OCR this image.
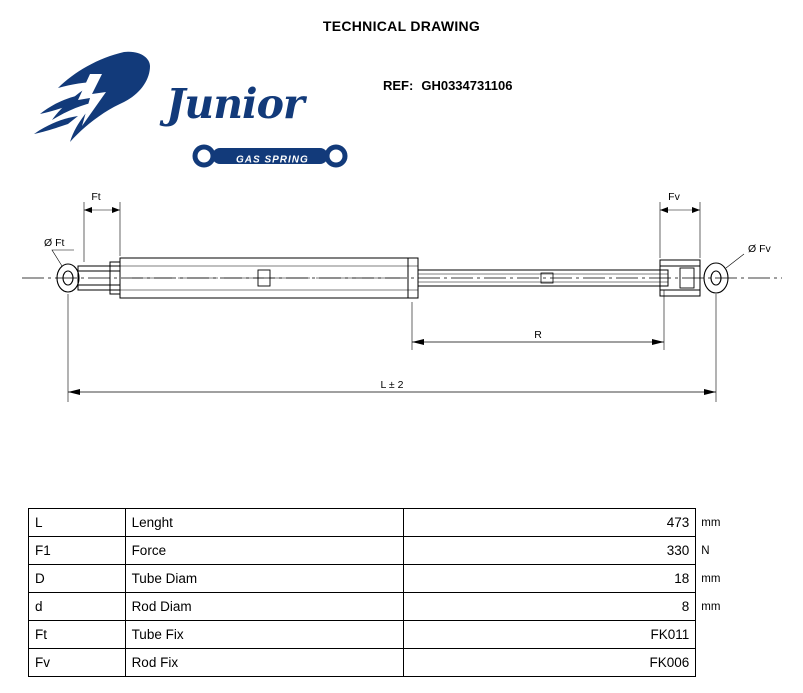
TECHNICAL DRAWING
REF: GH0334731106
Junior
GAS SPRING
Ft	Fv
Ø Ft	Ø Fv
R
L ± 2
L	Lenght	473	mm
F1	Force	330	N
D	Tube Diam	18	mm
d	Rod Diam	8	mm
Ft	Tube Fix	FK011	
Fv	Rod Fix	FK006	
